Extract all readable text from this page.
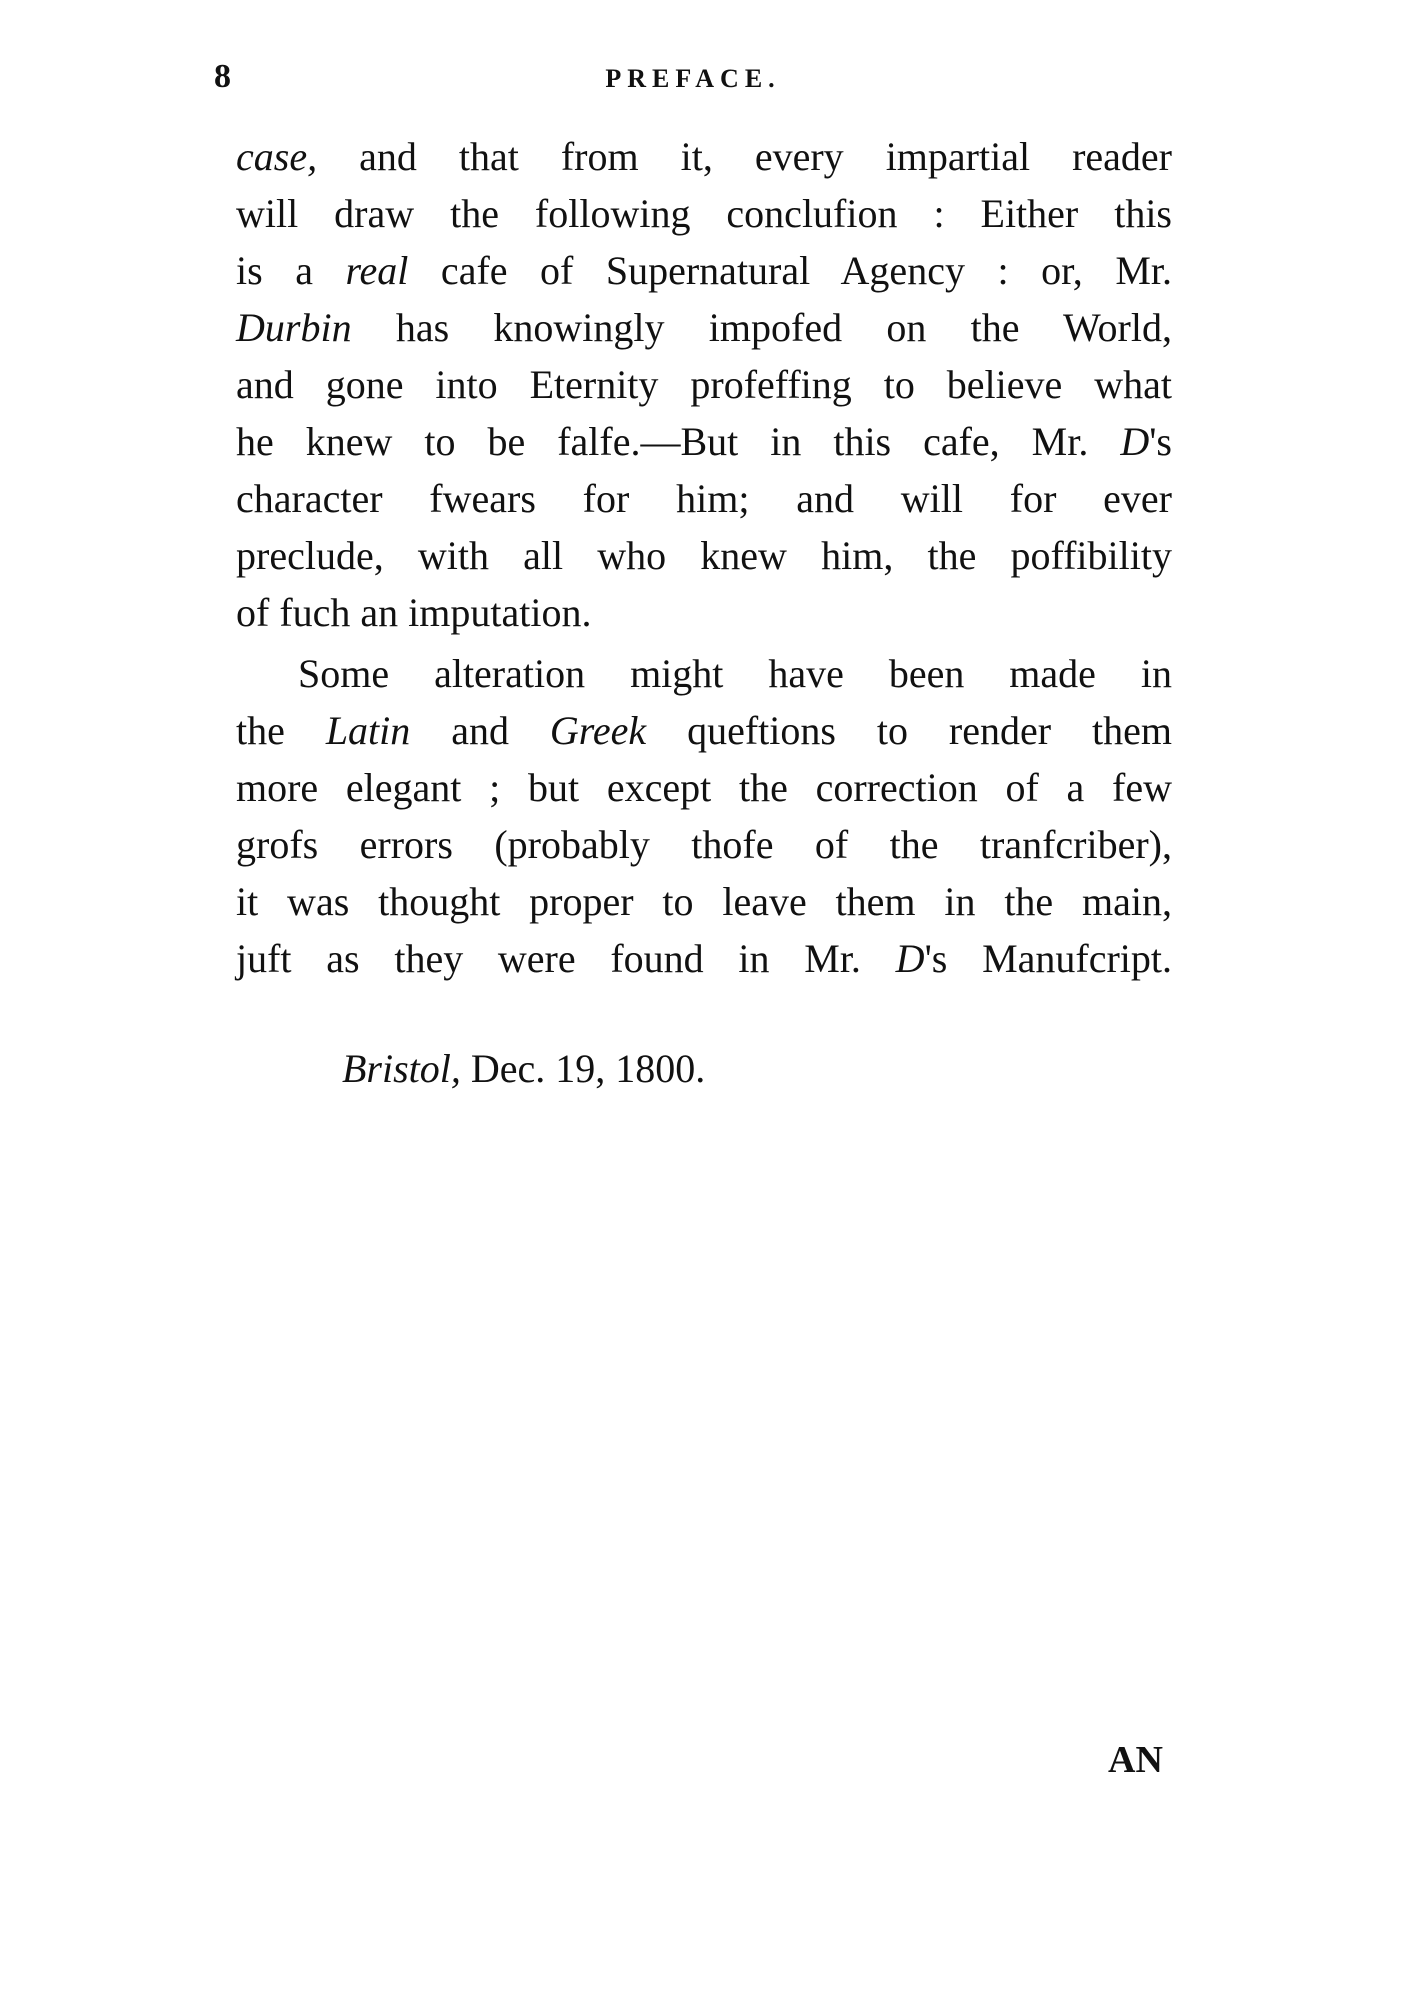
8	PREFACE.
case, and that from it, every impartial reader
will draw the following conclufion : Either this
is a real cafe of Supernatural Agency : or, Mr.
Durbin has knowingly impofed on the World,
and gone into Eternity profeffing to believe what
he knew to be falfe.—But in this cafe, Mr. D's
character fwears for him; and will for ever
preclude, with all who knew him, the poffibility
of fuch an imputation.
Some alteration might have been made in
the Latin and Greek queftions to render them
more elegant ; but except the correction of a few
grofs errors (probably thofe of the tranfcriber),
it was thought proper to leave them in the main,
juft as they were found in Mr. D's Manufcript.
Bristol, Dec. 19, 1800.
AN
